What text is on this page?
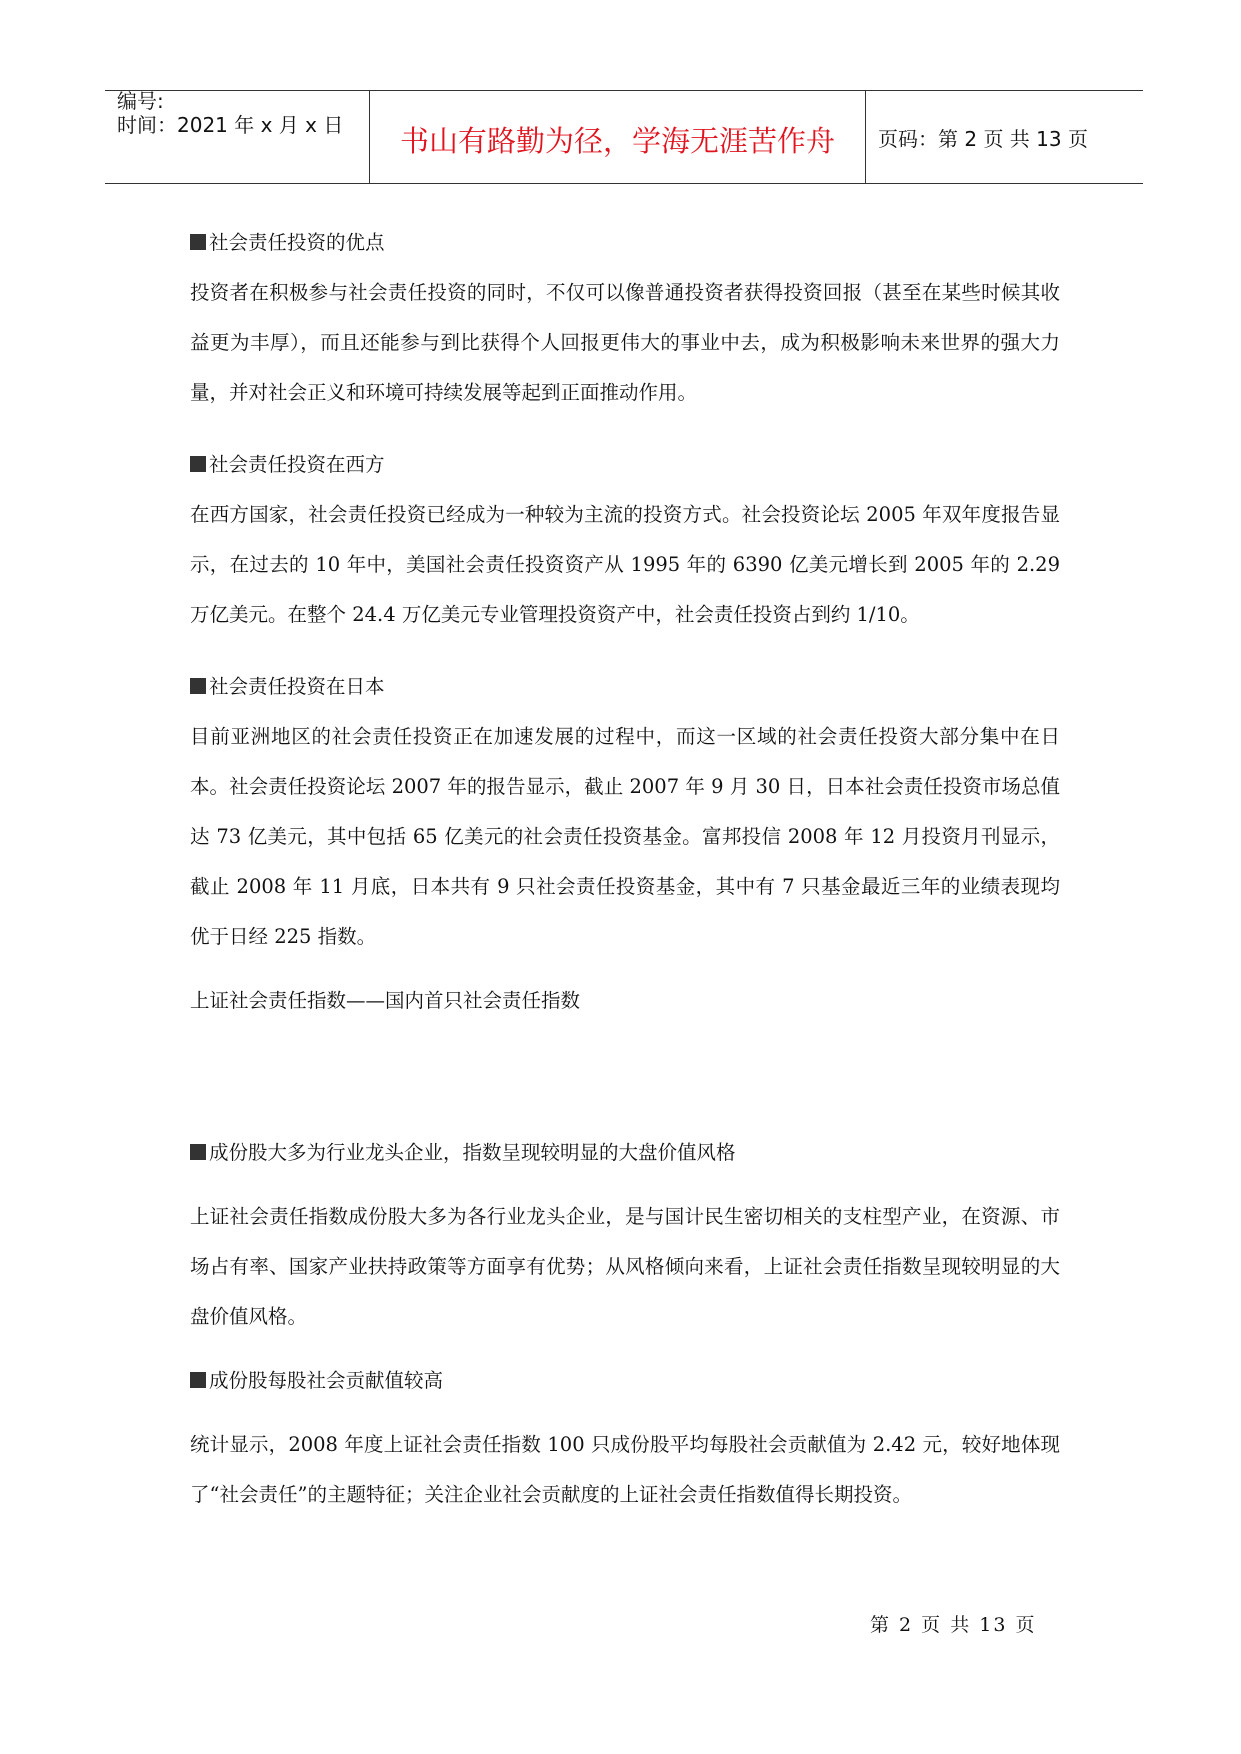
编号:
时间：2021 年 x 月 x 日	书山有路勤为径，学海无涯苦作舟	页码：第 2 页 共 13 页

社会责任投资的优点

投资者在积极参与社会责任投资的同时，不仅可以像普通投资者获得投资回报（甚至在某些时候其收益更为丰厚），而且还能参与到比获得个人回报更伟大的事业中去，成为积极影响未来世界的强大力量，并对社会正义和环境可持续发展等起到正面推动作用。

社会责任投资在西方

在西方国家，社会责任投资已经成为一种较为主流的投资方式。社会投资论坛 2005 年双年度报告显示，在过去的 10 年中，美国社会责任投资资产从 1995 年的 6390 亿美元增长到 2005 年的 2.29 万亿美元。在整个 24.4 万亿美元专业管理投资资产中，社会责任投资占到约 1/10。

社会责任投资在日本

目前亚洲地区的社会责任投资正在加速发展的过程中，而这一区域的社会责任投资大部分集中在日本。社会责任投资论坛 2007 年的报告显示，截止 2007 年 9 月 30 日，日本社会责任投资市场总值达 73 亿美元，其中包括 65 亿美元的社会责任投资基金。富邦投信 2008 年 12 月投资月刊显示，截止 2008 年 11 月底，日本共有 9 只社会责任投资基金，其中有 7 只基金最近三年的业绩表现均优于日经 225 指数。

上证社会责任指数——国内首只社会责任指数

成份股大多为行业龙头企业，指数呈现较明显的大盘价值风格

上证社会责任指数成份股大多为各行业龙头企业，是与国计民生密切相关的支柱型产业，在资源、市场占有率、国家产业扶持政策等方面享有优势；从风格倾向来看，上证社会责任指数呈现较明显的大盘价值风格。

成份股每股社会贡献值较高

统计显示，2008 年度上证社会责任指数 100 只成份股平均每股社会贡献值为 2.42 元，较好地体现了“社会责任”的主题特征；关注企业社会贡献度的上证社会责任指数值得长期投资。

第 2 页 共 13 页
